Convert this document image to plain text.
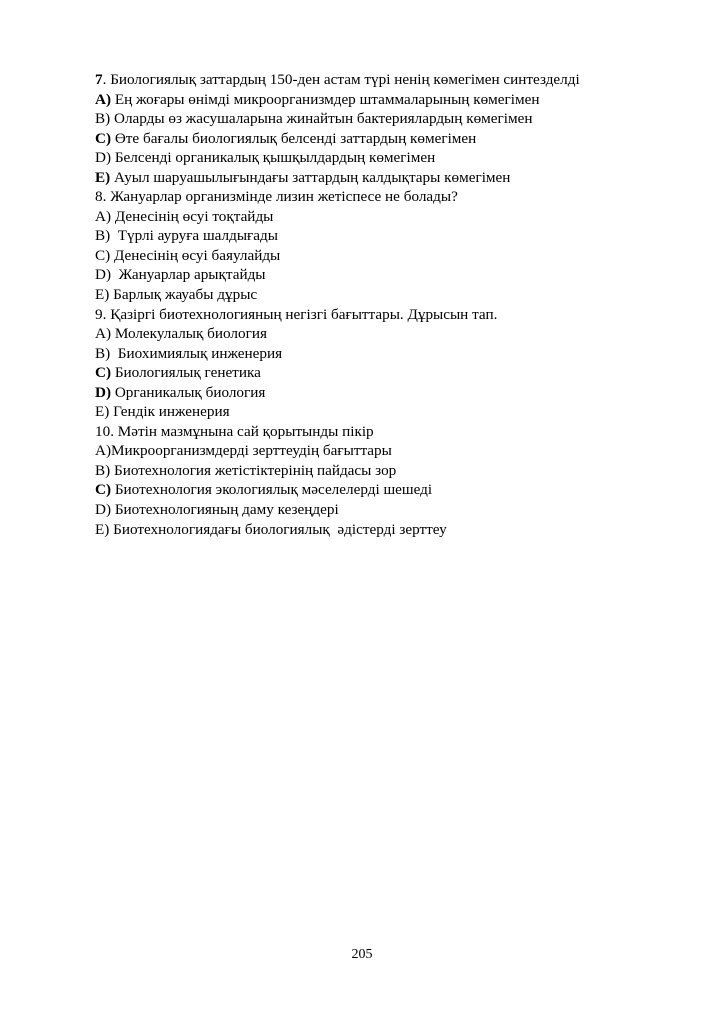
7. Биологиялық заттардың 150-ден астам түрі ненің көмегімен синтезделді
A) Ең жоғары өнімді микроорганизмдер штаммаларының көмегімен
B) Оларды өз жасушаларына жинайтын бактериялардың көмегімен
C) Өте бағалы биологиялық белсенді заттардың көмегімен
D) Белсенді органикалық қышқылдардың көмегімен
E) Ауыл шаруашылығындағы заттардың калдықтары көмегімен
8. Жануарлар организмінде лизин жетіспесе не болады?
A) Денесінің өсуі тоқтайды
B)  Түрлі ауруға шалдығады
C) Денесінің өсуі баяулайды
D)  Жануарлар арықтайды
E) Барлық жауабы дұрыс
9. Қазіргі биотехнологияның негізгі бағыттары. Дұрысын тап.
A) Молекулалық биология
B)  Биохимиялық инженерия
C) Биологиялық генетика
D) Органикалық биология
E) Гендік инженерия
10. Мәтін мазмұнына сай қорытынды пікір
A)Микроорганизмдерді зерттеудің бағыттары
B) Биотехнология жетістіктерінің пайдасы зор
C) Биотехнология экологиялық мәселелерді шешеді
D) Биотехнологияның даму кезеңдері
E) Биотехнологиядағы биологиялық  әдістерді зерттеу
205
